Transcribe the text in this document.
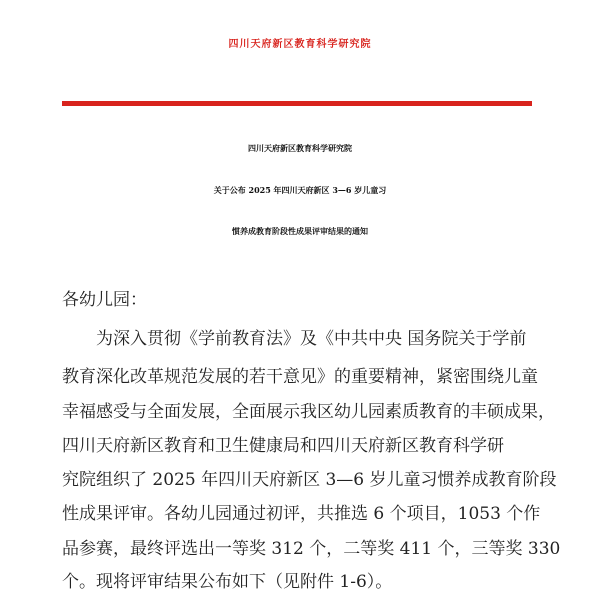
四川天府新区教育科学研究院
四川天府新区教育科学研究院
关于公布 2025 年四川天府新区 3—6 岁儿童习
惯养成教育阶段性成果评审结果的通知
各幼儿园：
为深入贯彻《学前教育法》及《中共中央 国务院关于学前
教育深化改革规范发展的若干意见》的重要精神，紧密围绕儿童
幸福感受与全面发展，全面展示我区幼儿园素质教育的丰硕成果，
四川天府新区教育和卫生健康局和四川天府新区教育科学研
究院组织了 2025 年四川天府新区 3—6 岁儿童习惯养成教育阶段
性成果评审。各幼儿园通过初评，共推选 6 个项目，1053 个作
品参赛，最终评选出一等奖 312 个，二等奖 411 个，三等奖 330
个。现将评审结果公布如下（见附件 1-6）。
